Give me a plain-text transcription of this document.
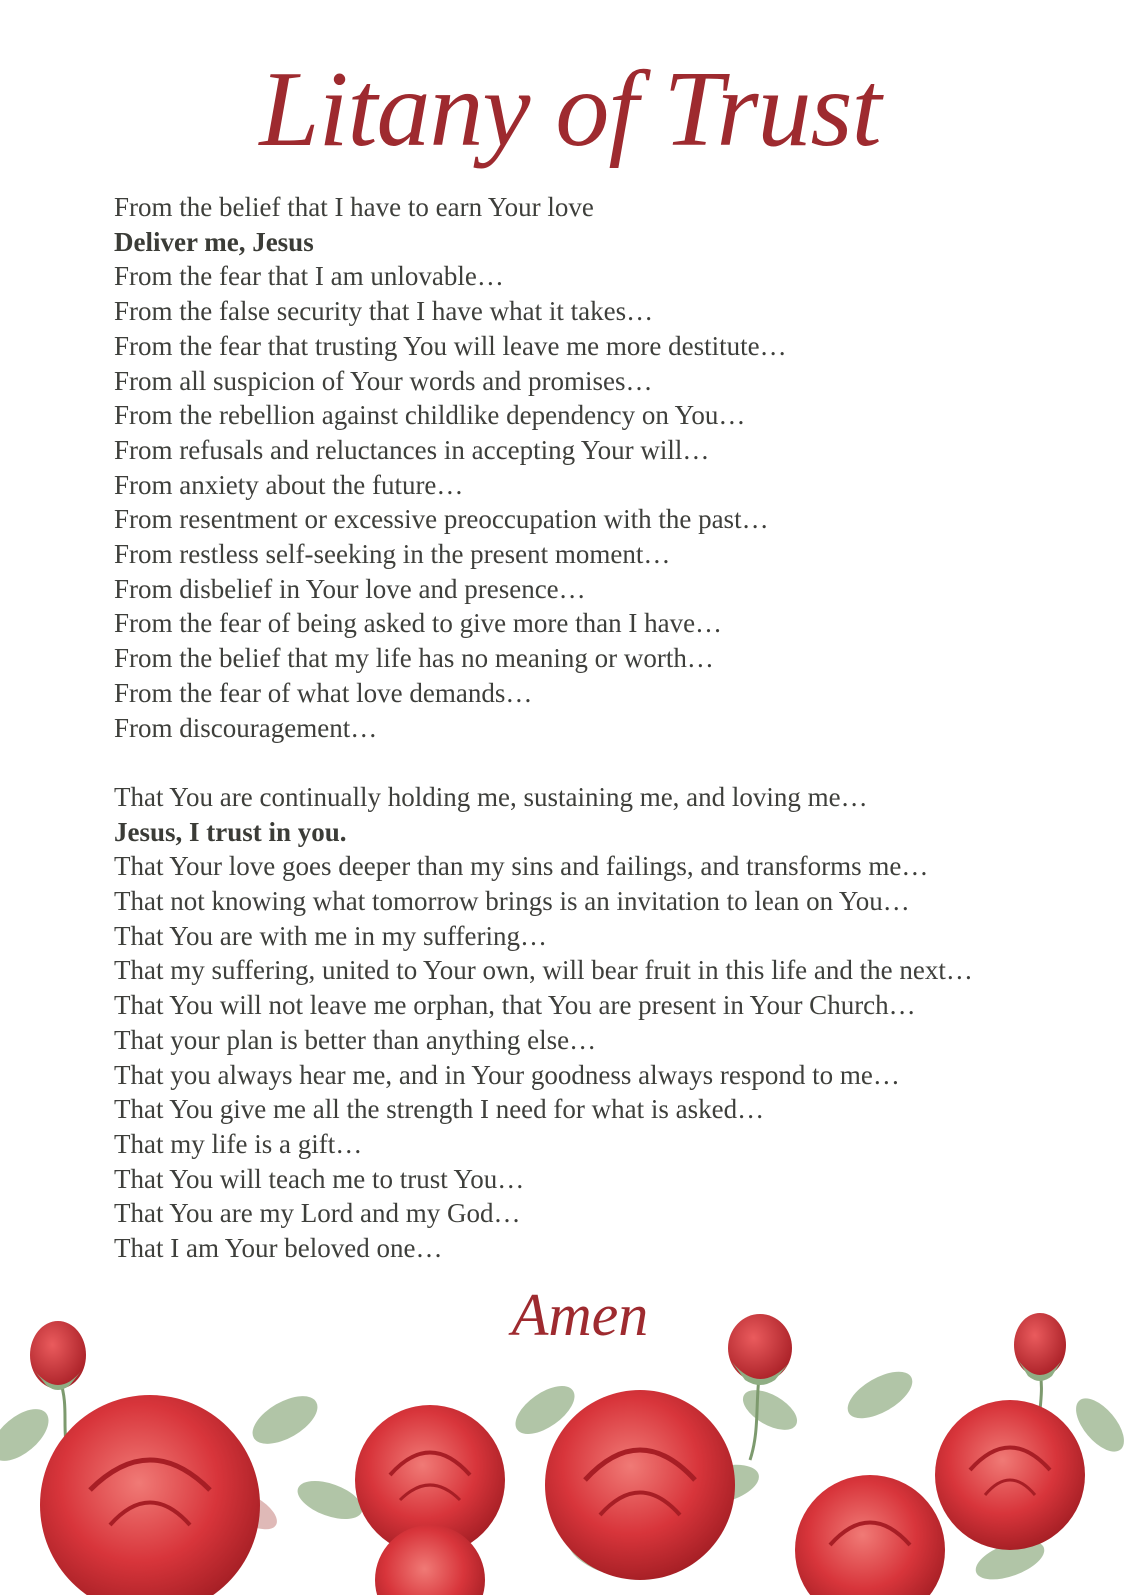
Litany of Trust
From the belief that I have to earn Your love
Deliver me, Jesus
From the fear that I am unlovable…
From the false security that I have what it takes…
From the fear that trusting You will leave me more destitute…
From all suspicion of Your words and promises…
From the rebellion against childlike dependency on You…
From refusals and reluctances in accepting Your will…
From anxiety about the future…
From resentment or excessive preoccupation with the past…
From restless self-seeking in the present moment…
From disbelief in Your love and presence…
From the fear of being asked to give more than I have…
From the belief that my life has no meaning or worth…
From the fear of what love demands…
From discouragement…
That You are continually holding me, sustaining me, and loving me…
Jesus, I trust in you.
That Your love goes deeper than my sins and failings, and transforms me…
That not knowing what tomorrow brings is an invitation to lean on You…
That You are with me in my suffering…
That my suffering, united to Your own, will bear fruit in this life and the next…
That You will not leave me orphan, that You are present in Your Church…
That your plan is better than anything else…
That you always hear me, and in Your goodness always respond to me…
That You give me all the strength I need for what is asked…
That my life is a gift…
That You will teach me to trust You…
That You are my Lord and my God…
That I am Your beloved one…
Amen
